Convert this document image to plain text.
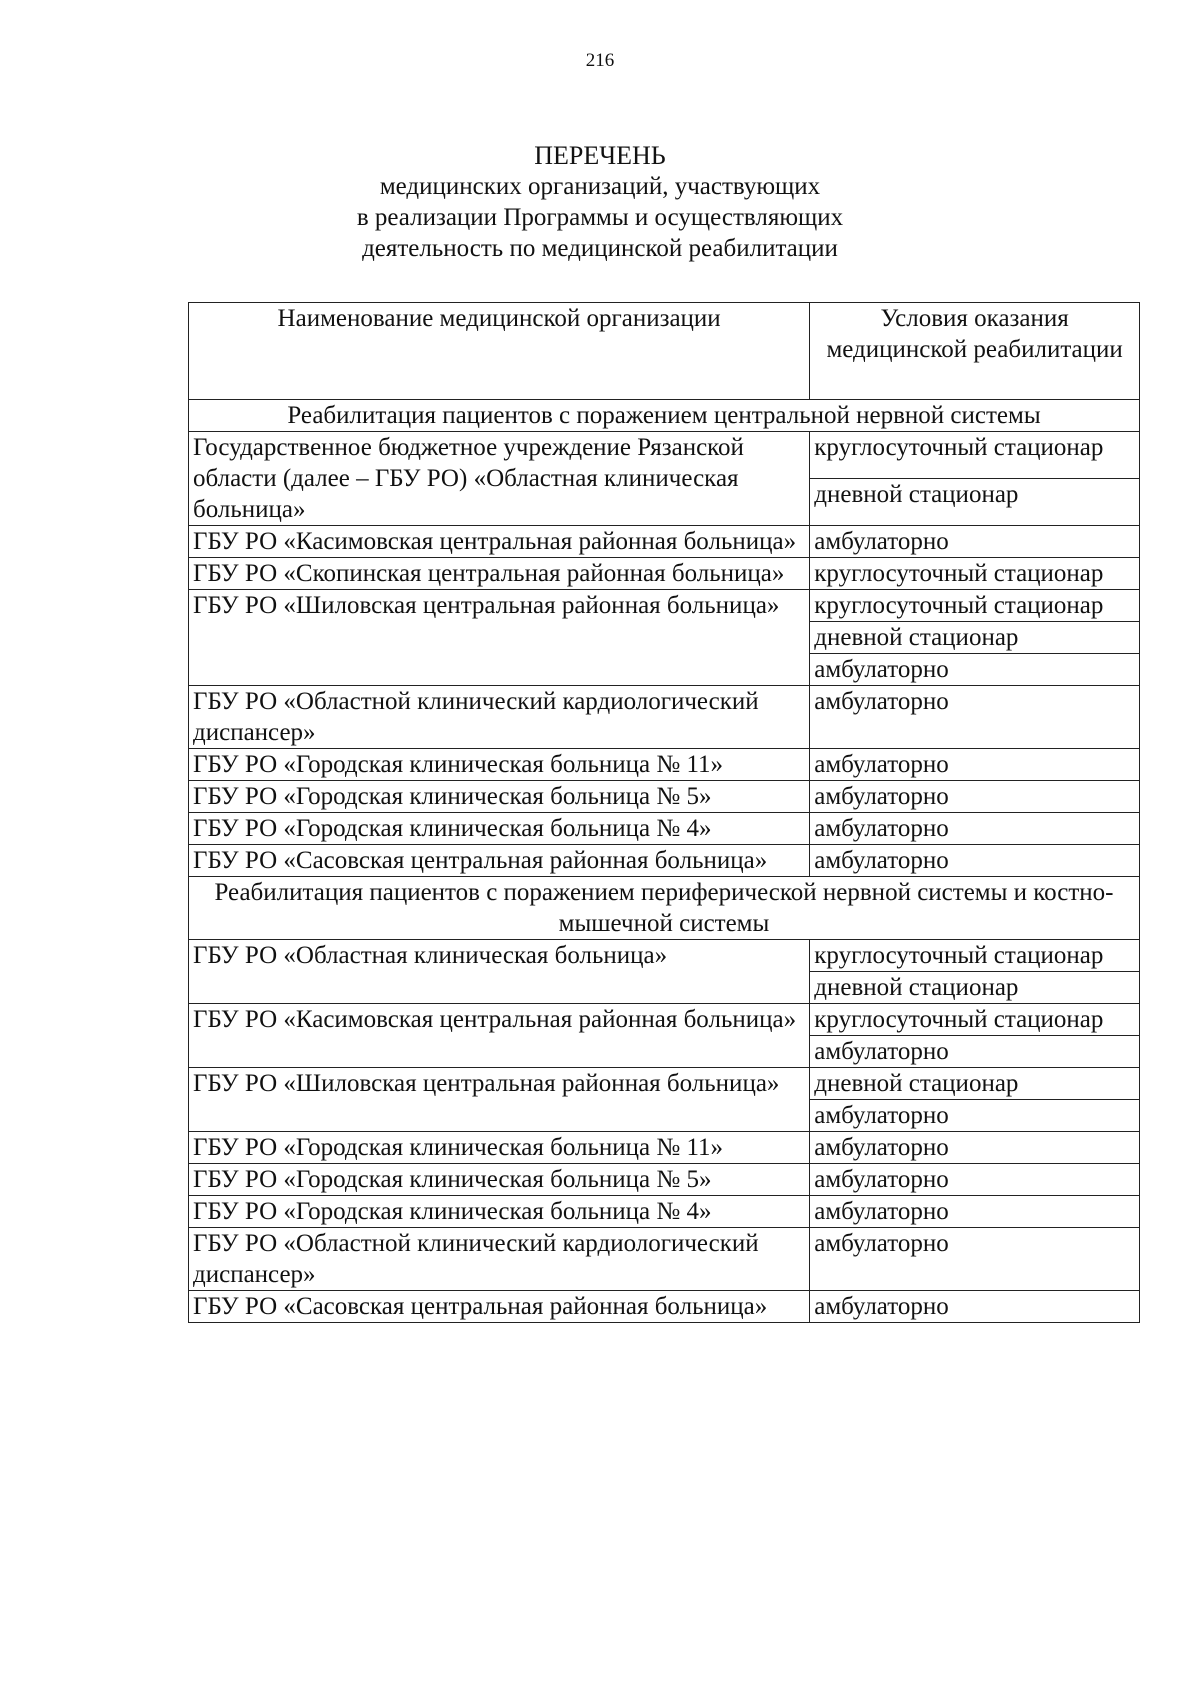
216
ПЕРЕЧЕНЬ
медицинских организаций, участвующих
в реализации Программы и осуществляющих
деятельность по медицинской реабилитации
Наименование медицинской организации	Условия оказания медицинской реабилитации
Реабилитация пациентов с поражением центральной нервной системы	
Государственное бюджетное учреждение Рязанской области (далее – ГБУ РО) «Областная клиническая больница»	круглосуточный стационар
	дневной стационар
ГБУ РО «Касимовская центральная районная больница»	амбулаторно
ГБУ РО «Скопинская центральная районная больница»	круглосуточный стационар
ГБУ РО «Шиловская центральная районная больница»	круглосуточный стационар
	дневной стационар
	амбулаторно
ГБУ РО «Областной клинический кардиологический диспансер»	амбулаторно
ГБУ РО «Городская клиническая больница № 11»	амбулаторно
ГБУ РО «Городская клиническая больница № 5»	амбулаторно
ГБУ РО «Городская клиническая больница № 4»	амбулаторно
ГБУ РО «Сасовская центральная районная больница»	амбулаторно
Реабилитация пациентов с поражением периферической нервной системы и костно-мышечной системы	
ГБУ РО «Областная клиническая больница»	круглосуточный стационар
	дневной стационар
ГБУ РО «Касимовская центральная районная больница»	круглосуточный стационар
	амбулаторно
ГБУ РО «Шиловская центральная районная больница»	дневной стационар
	амбулаторно
ГБУ РО «Городская клиническая больница № 11»	амбулаторно
ГБУ РО «Городская клиническая больница № 5»	амбулаторно
ГБУ РО «Городская клиническая больница № 4»	амбулаторно
ГБУ РО «Областной клинический кардиологический диспансер»	амбулаторно
ГБУ РО «Сасовская центральная районная больница»	амбулаторно
